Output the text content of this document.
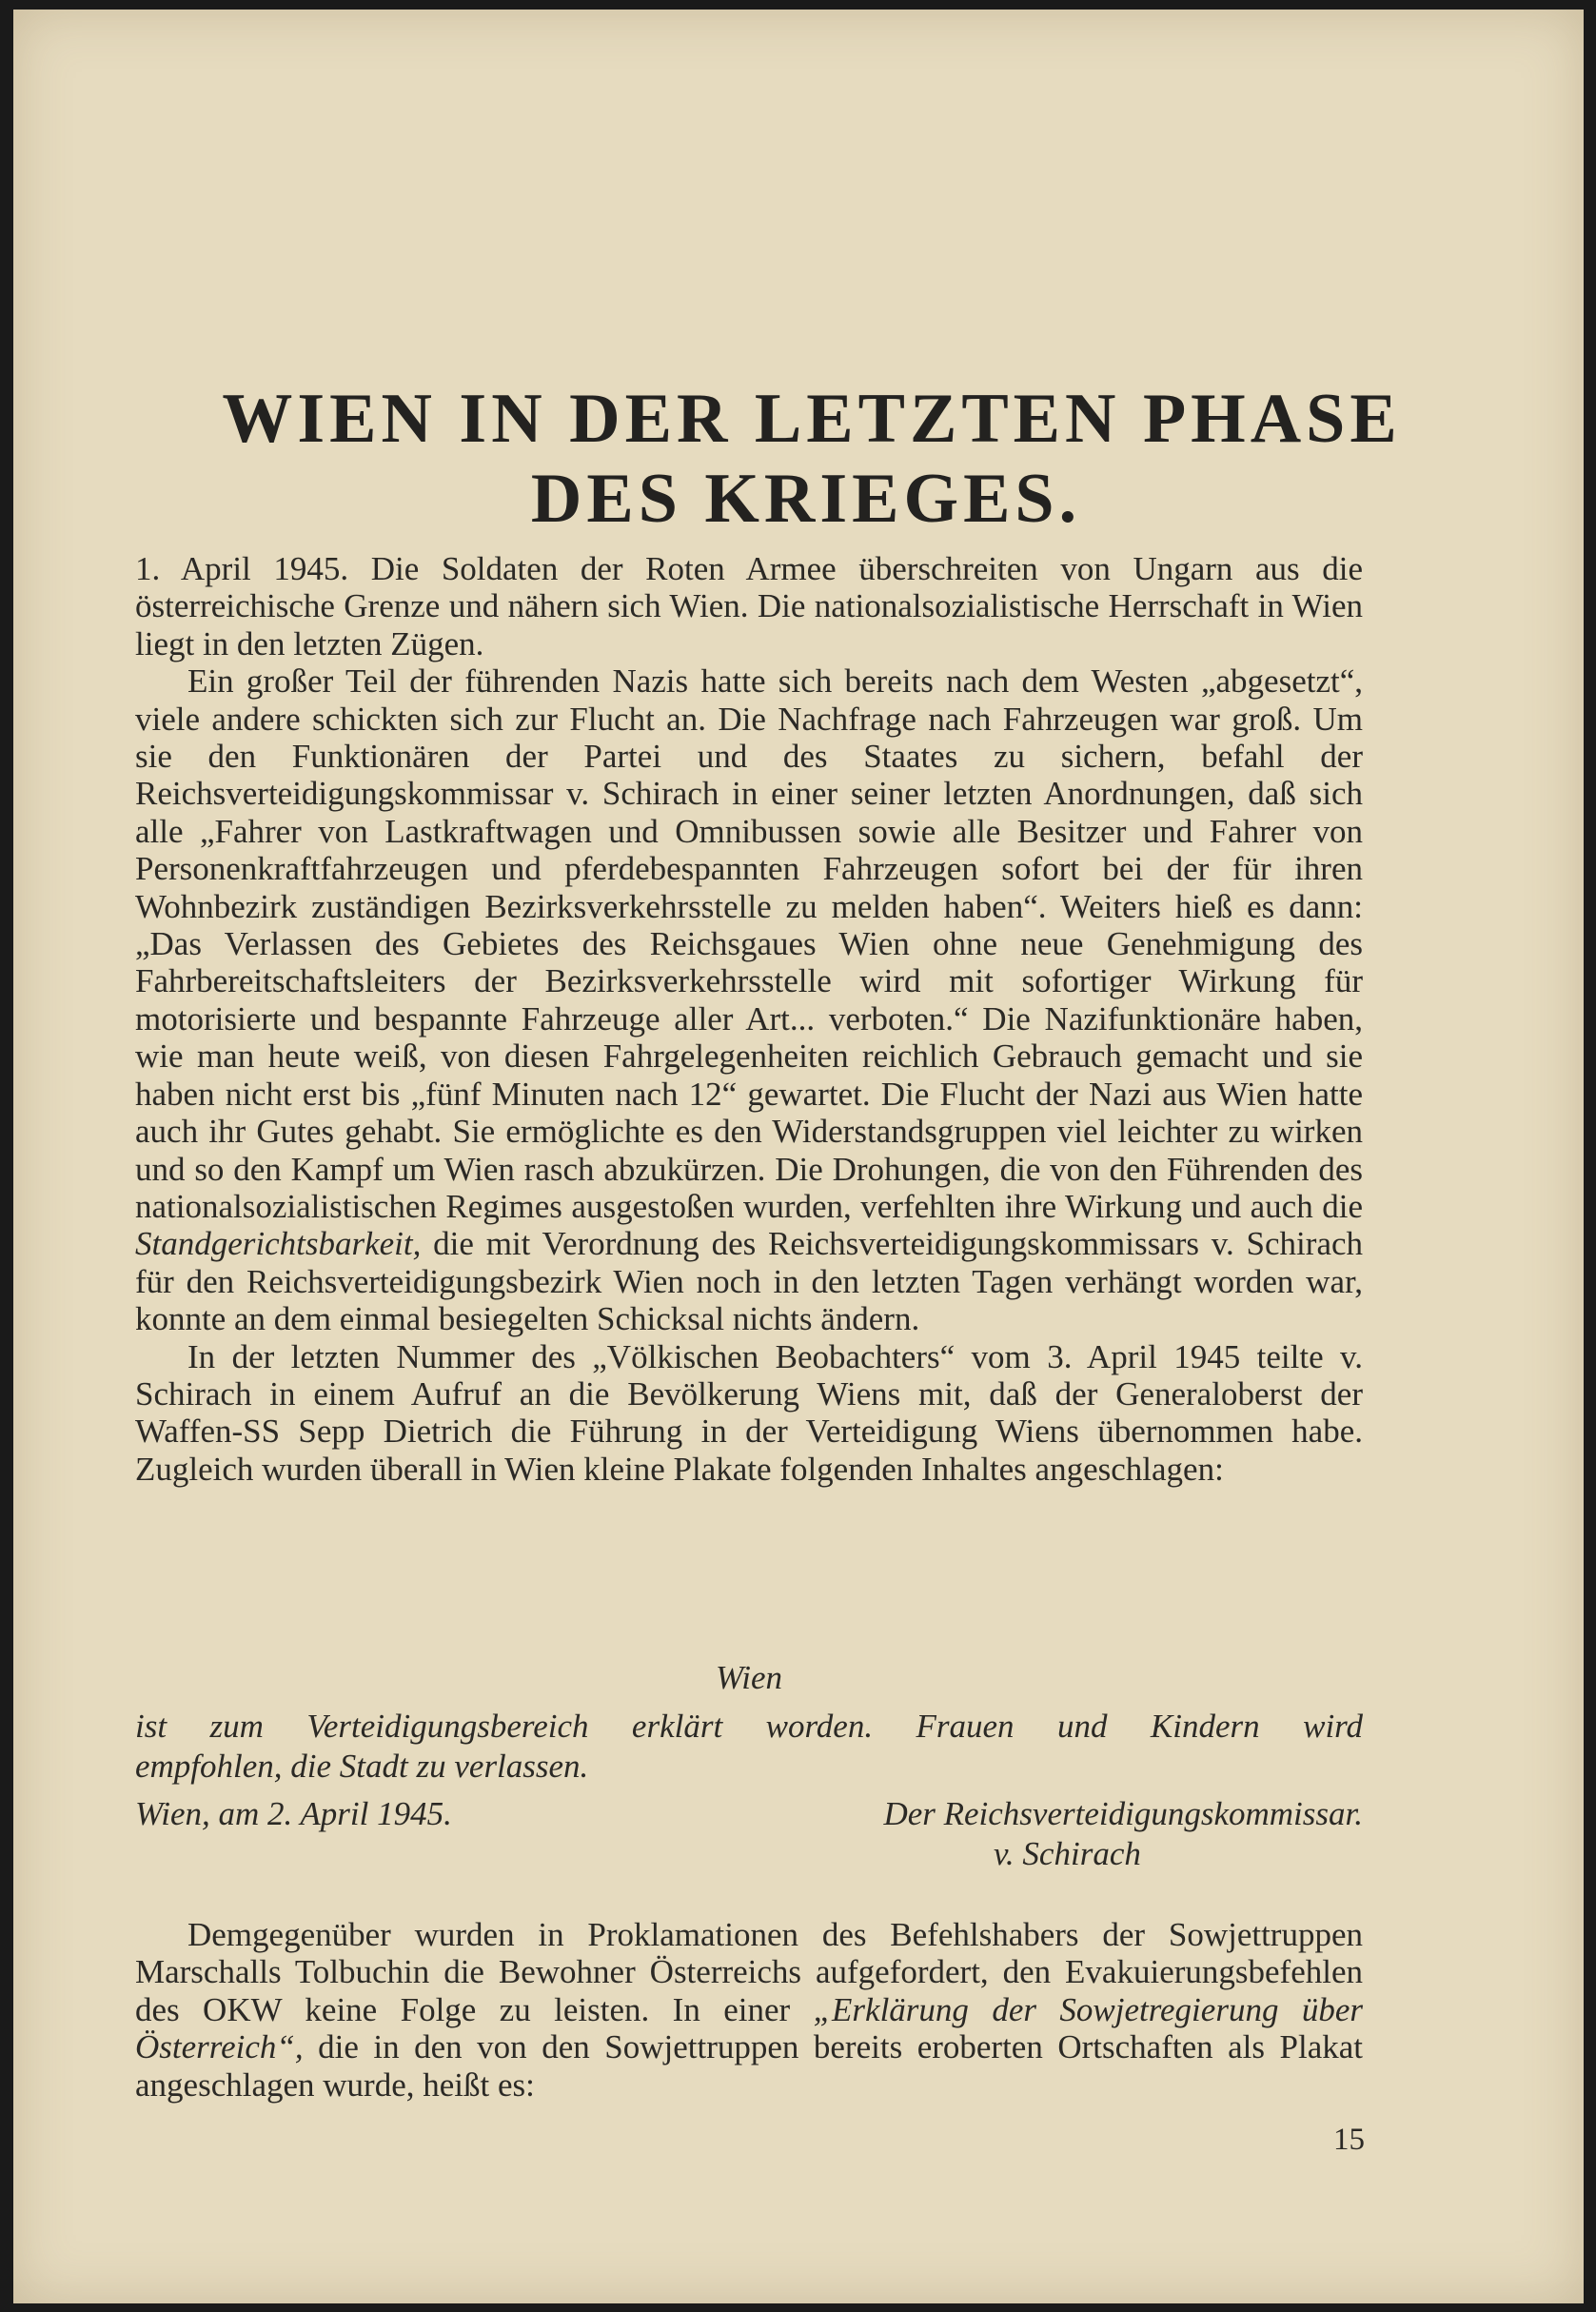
WIEN IN DER LETZTEN PHASE
DES KRIEGES.

1. April 1945. Die Soldaten der Roten Armee überschreiten von Ungarn aus die österreichische Grenze und nähern sich Wien. Die nationalsozialistische Herrschaft in Wien liegt in den letzten Zügen.

Ein großer Teil der führenden Nazis hatte sich bereits nach dem Westen „abgesetzt“, viele andere schickten sich zur Flucht an. Die Nachfrage nach Fahrzeugen war groß. Um sie den Funktionären der Partei und des Staates zu sichern, befahl der Reichsverteidigungskommissar v. Schirach in einer seiner letzten Anordnungen, daß sich alle „Fahrer von Lastkraftwagen und Omnibussen sowie alle Besitzer und Fahrer von Personenkraftfahrzeugen und pferdebespannten Fahrzeugen sofort bei der für ihren Wohnbezirk zuständigen Bezirksverkehrsstelle zu melden haben“. Weiters hieß es dann: „Das Verlassen des Gebietes des Reichsgaues Wien ohne neue Genehmigung des Fahrbereitschaftsleiters der Bezirksverkehrsstelle wird mit sofortiger Wirkung für motorisierte und bespannte Fahrzeuge aller Art... verboten.“ Die Nazifunktionäre haben, wie man heute weiß, von diesen Fahrgelegenheiten reichlich Gebrauch gemacht und sie haben nicht erst bis „fünf Minuten nach 12“ gewartet. Die Flucht der Nazi aus Wien hatte auch ihr Gutes gehabt. Sie ermöglichte es den Widerstandsgruppen viel leichter zu wirken und so den Kampf um Wien rasch abzukürzen. Die Drohungen, die von den Führenden des nationalsozialistischen Regimes ausgestoßen wurden, verfehlten ihre Wirkung und auch die Standgerichtsbarkeit, die mit Verordnung des Reichsverteidigungskommissars v. Schirach für den Reichsverteidigungsbezirk Wien noch in den letzten Tagen verhängt worden war, konnte an dem einmal besiegelten Schicksal nichts ändern.

In der letzten Nummer des „Völkischen Beobachters“ vom 3. April 1945 teilte v. Schirach in einem Aufruf an die Bevölkerung Wiens mit, daß der Generaloberst der Waffen-SS Sepp Dietrich die Führung in der Verteidigung Wiens übernommen habe. Zugleich wurden überall in Wien kleine Plakate folgenden Inhaltes angeschlagen:

Wien
ist zum Verteidigungsbereich erklärt worden. Frauen und Kindern wird
empfohlen, die Stadt zu verlassen.
Wien, am 2. April 1945.	Der Reichsverteidigungskommissar.
v. Schirach

Demgegenüber wurden in Proklamationen des Befehlshabers der Sowjettruppen Marschalls Tolbuchin die Bewohner Österreichs aufgefordert, den Evakuierungsbefehlen des OKW keine Folge zu leisten. In einer „Erklärung der Sowjetregierung über Österreich“, die in den von den Sowjettruppen bereits eroberten Ortschaften als Plakat angeschlagen wurde, heißt es:

15
